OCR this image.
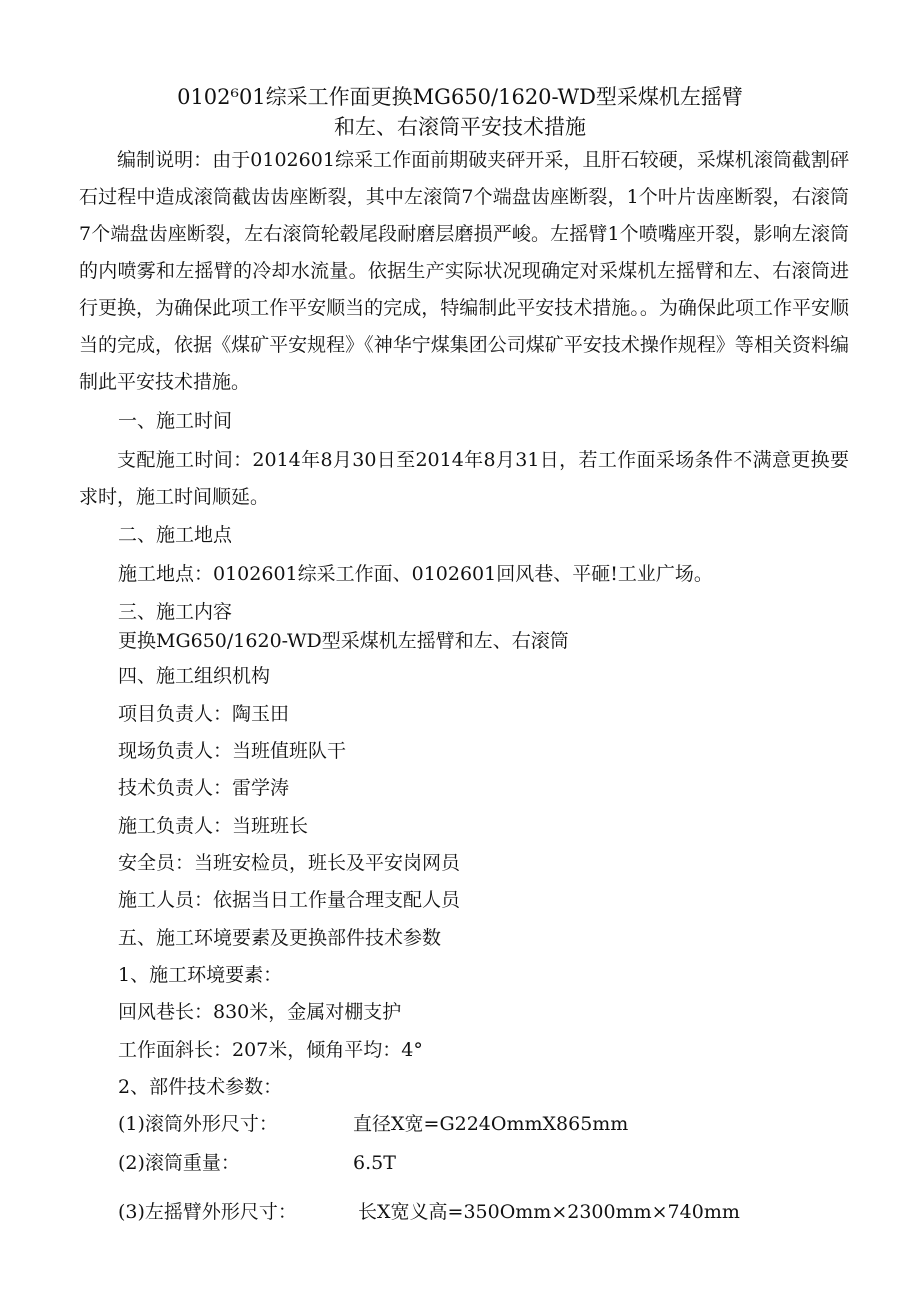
0102⁶01综采工作面更换MG650/1620-WD型采煤机左摇臂
和左、右滚筒平安技术措施

编制说明：由于0102601综采工作面前期破夹砰开采，且肝石较硬，采煤机滚筒截割砰石过程中造成滚筒截齿齿座断裂，其中左滚筒7个端盘齿座断裂，1个叶片齿座断裂，右滚筒7个端盘齿座断裂，左右滚筒轮毂尾段耐磨层磨损严峻。左摇臂1个喷嘴座开裂，影响左滚筒的内喷雾和左摇臂的冷却水流量。依据生产实际状况现确定对采煤机左摇臂和左、右滚筒进行更换，为确保此项工作平安顺当的完成，特编制此平安技术措施。。为确保此项工作平安顺当的完成，依据《煤矿平安规程》《神华宁煤集团公司煤矿平安技术操作规程》等相关资料编制此平安技术措施。

一、施工时间

支配施工时间：2014年8月30日至2014年8月31日，若工作面采场条件不满意更换要求时，施工时间顺延。

二、施工地点
施工地点：0102601综采工作面、0102601回风巷、平砸!工业广场。
三、施工内容
更换MG650/1620-WD型采煤机左摇臂和左、右滚筒
四、施工组织机构
项目负责人：陶玉田
现场负责人：当班值班队干
技术负责人：雷学涛
施工负责人：当班班长
安全员：当班安检员，班长及平安岗网员
施工人员：依据当日工作量合理支配人员
五、施工环境要素及更换部件技术参数
1、施工环境要素：
回风巷长：830米，金属对棚支护
工作面斜长：207米，倾角平均：4°
2、部件技术参数：
(1)滚筒外形尺寸：	直径X宽=G224OmmX865mm
(2)滚筒重量：	6.5T
(3)左摇臂外形尺寸：	长X宽义高=350Omm×2300mm×740mm
